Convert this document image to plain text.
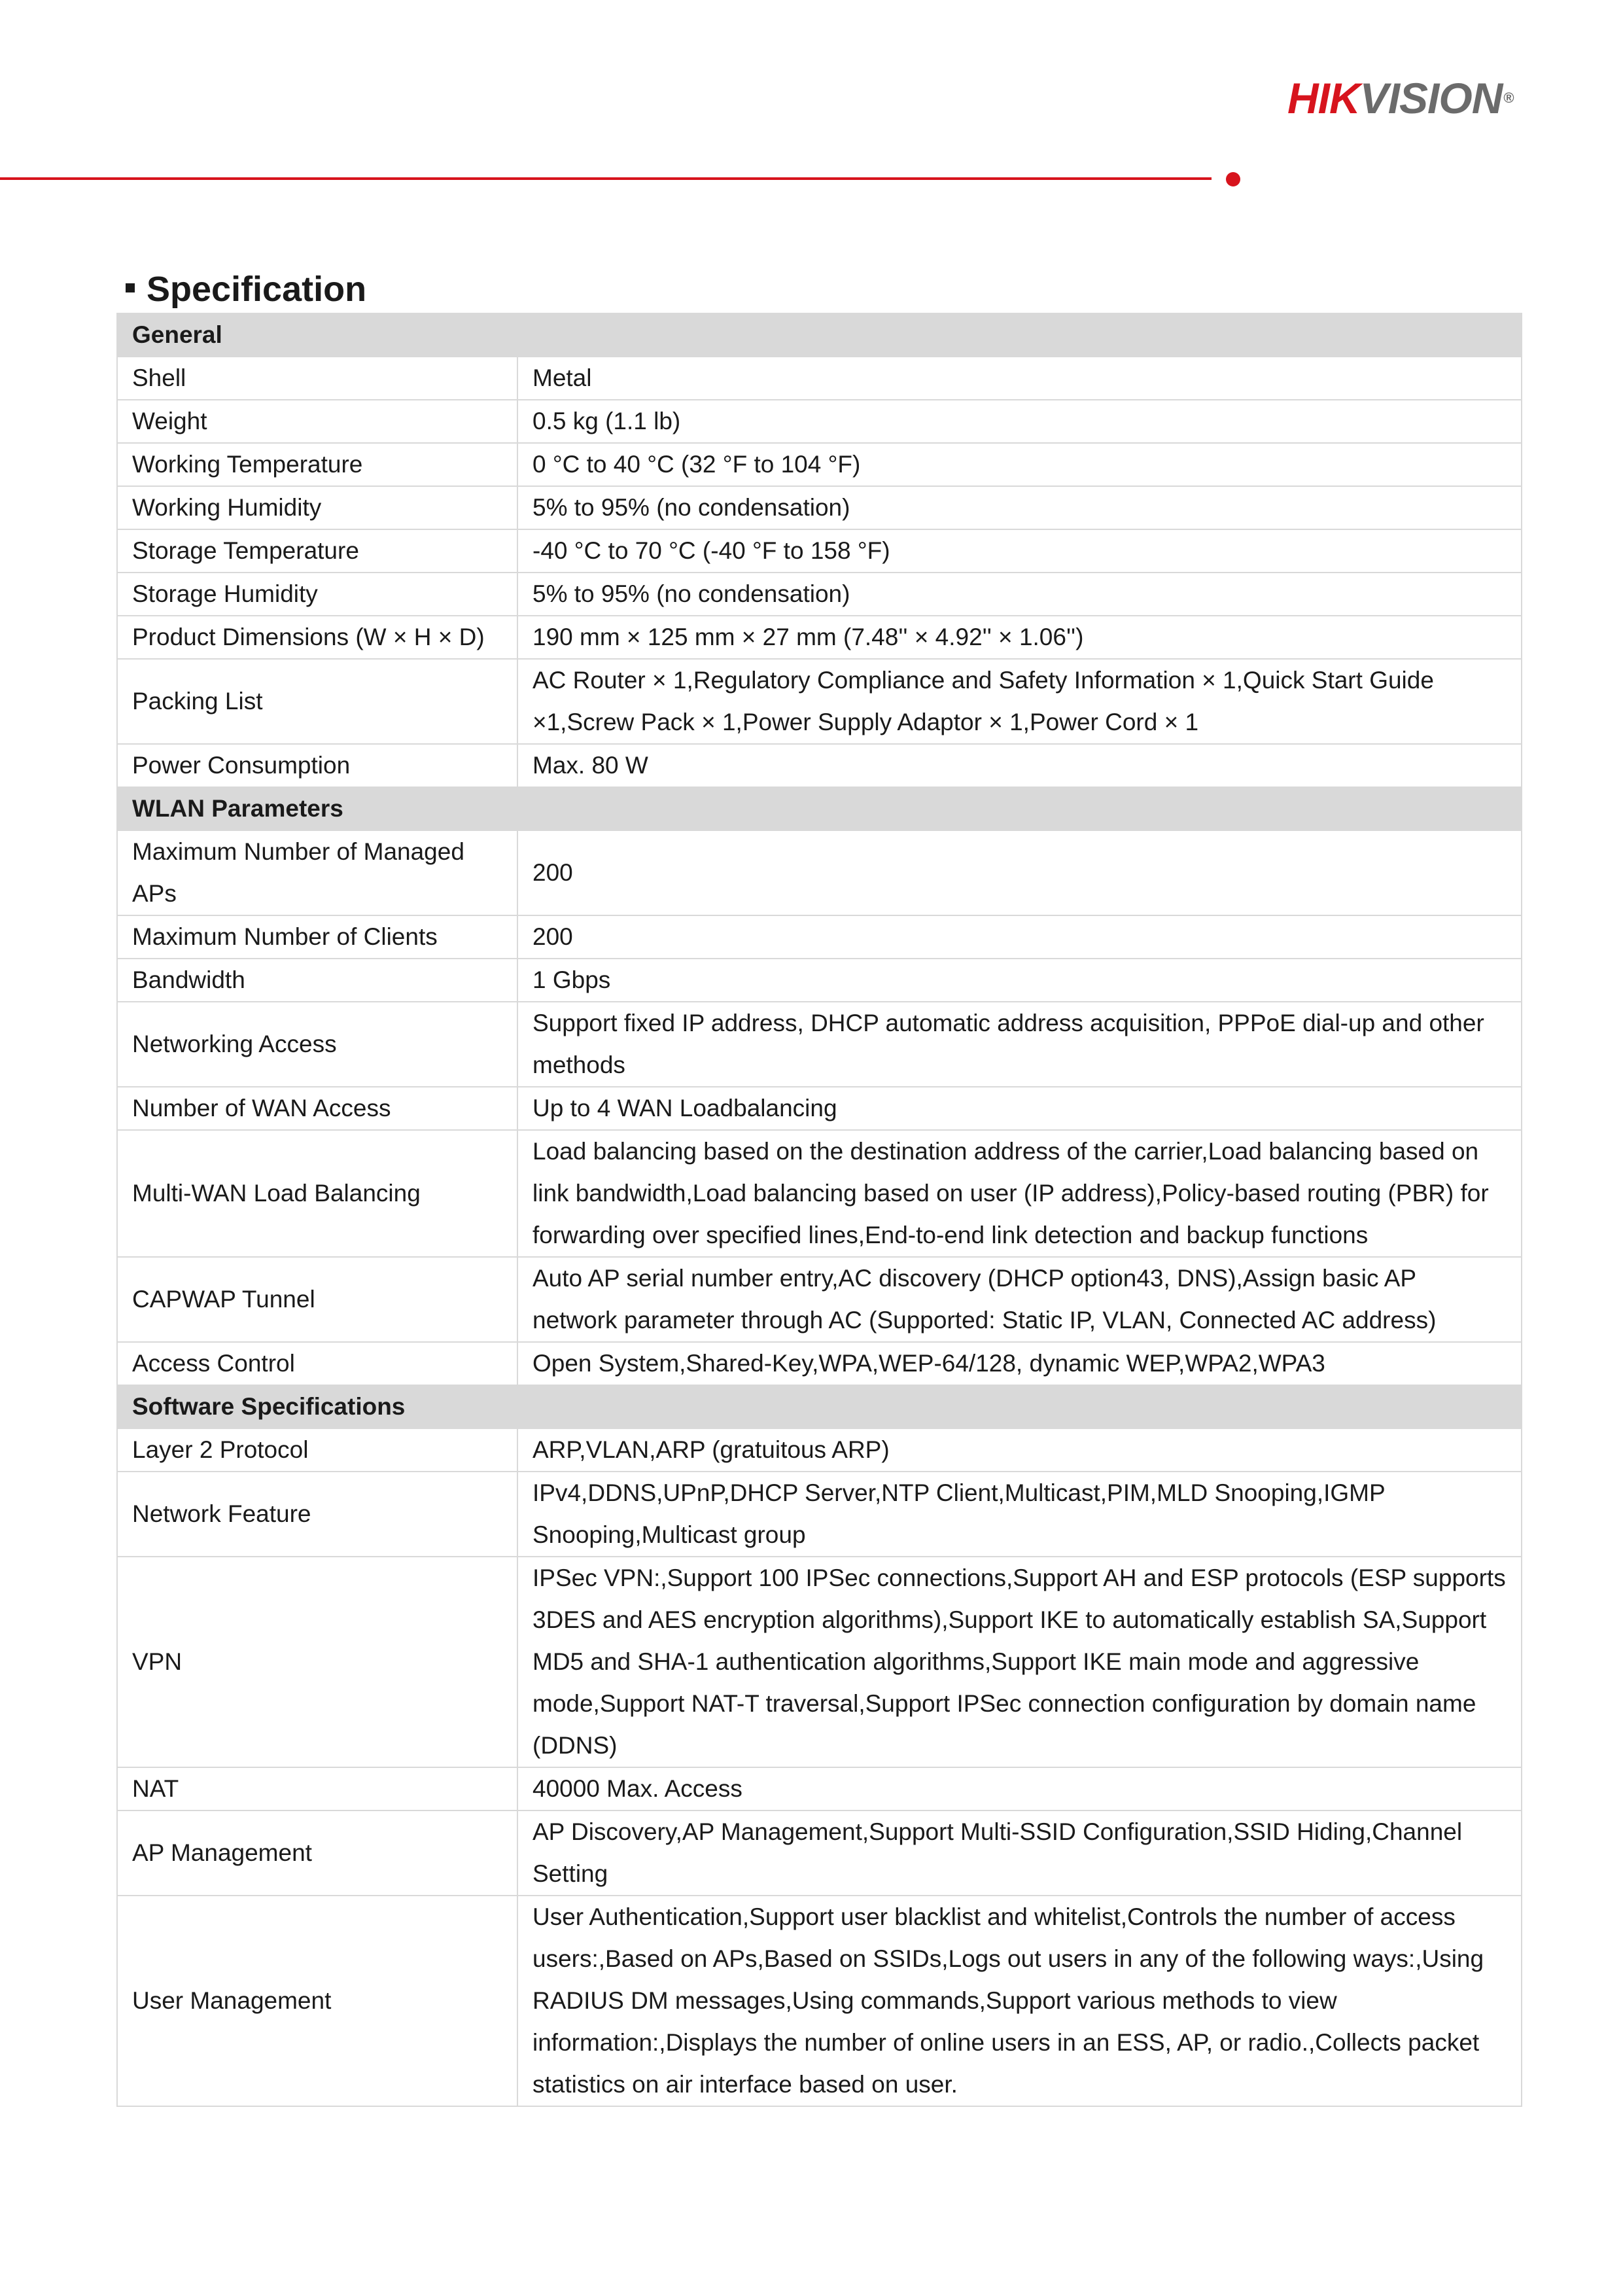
HIKVISION®
Specification
General	
Shell	Metal
Weight	0.5 kg (1.1 lb)
Working Temperature	0 °C to 40 °C (32 °F to 104 °F)
Working Humidity	5% to 95% (no condensation)
Storage Temperature	-40 °C to 70 °C (-40 °F to 158 °F)
Storage Humidity	5% to 95% (no condensation)
Product Dimensions (W × H × D)	190 mm × 125 mm × 27 mm (7.48'' × 4.92'' × 1.06'')
Packing List	AC Router × 1,Regulatory Compliance and Safety Information × 1,Quick Start Guide ×1,Screw Pack × 1,Power Supply Adaptor × 1,Power Cord × 1
Power Consumption	Max. 80 W
WLAN Parameters	
Maximum Number of Managed APs	200
Maximum Number of Clients	200
Bandwidth	1 Gbps
Networking Access	Support fixed IP address, DHCP automatic address acquisition, PPPoE dial-up and other methods
Number of WAN Access	Up to 4 WAN Loadbalancing
Multi-WAN Load Balancing	Load balancing based on the destination address of the carrier,Load balancing based on link bandwidth,Load balancing based on user (IP address),Policy-based routing (PBR) for forwarding over specified lines,End-to-end link detection and backup functions
CAPWAP Tunnel	Auto AP serial number entry,AC discovery (DHCP option43, DNS),Assign basic AP network parameter through AC (Supported: Static IP, VLAN, Connected AC address)
Access Control	Open System,Shared-Key,WPA,WEP-64/128, dynamic WEP,WPA2,WPA3
Software Specifications	
Layer 2 Protocol	ARP,VLAN,ARP (gratuitous ARP)
Network Feature	IPv4,DDNS,UPnP,DHCP Server,NTP Client,Multicast,PIM,MLD Snooping,IGMP Snooping,Multicast group
VPN	IPSec VPN:,Support 100 IPSec connections,Support AH and ESP protocols (ESP supports 3DES and AES encryption algorithms),Support IKE to automatically establish SA,Support MD5 and SHA-1 authentication algorithms,Support IKE main mode and aggressive mode,Support NAT-T traversal,Support IPSec connection configuration by domain name (DDNS)
NAT	40000 Max. Access
AP Management	AP Discovery,AP Management,Support Multi-SSID Configuration,SSID Hiding,Channel Setting
User Management	User Authentication,Support user blacklist and whitelist,Controls the number of access users:,Based on APs,Based on SSIDs,Logs out users in any of the following ways:,Using RADIUS DM messages,Using commands,Support various methods to view information:,Displays the number of online users in an ESS, AP, or radio.,Collects packet statistics on air interface based on user.
